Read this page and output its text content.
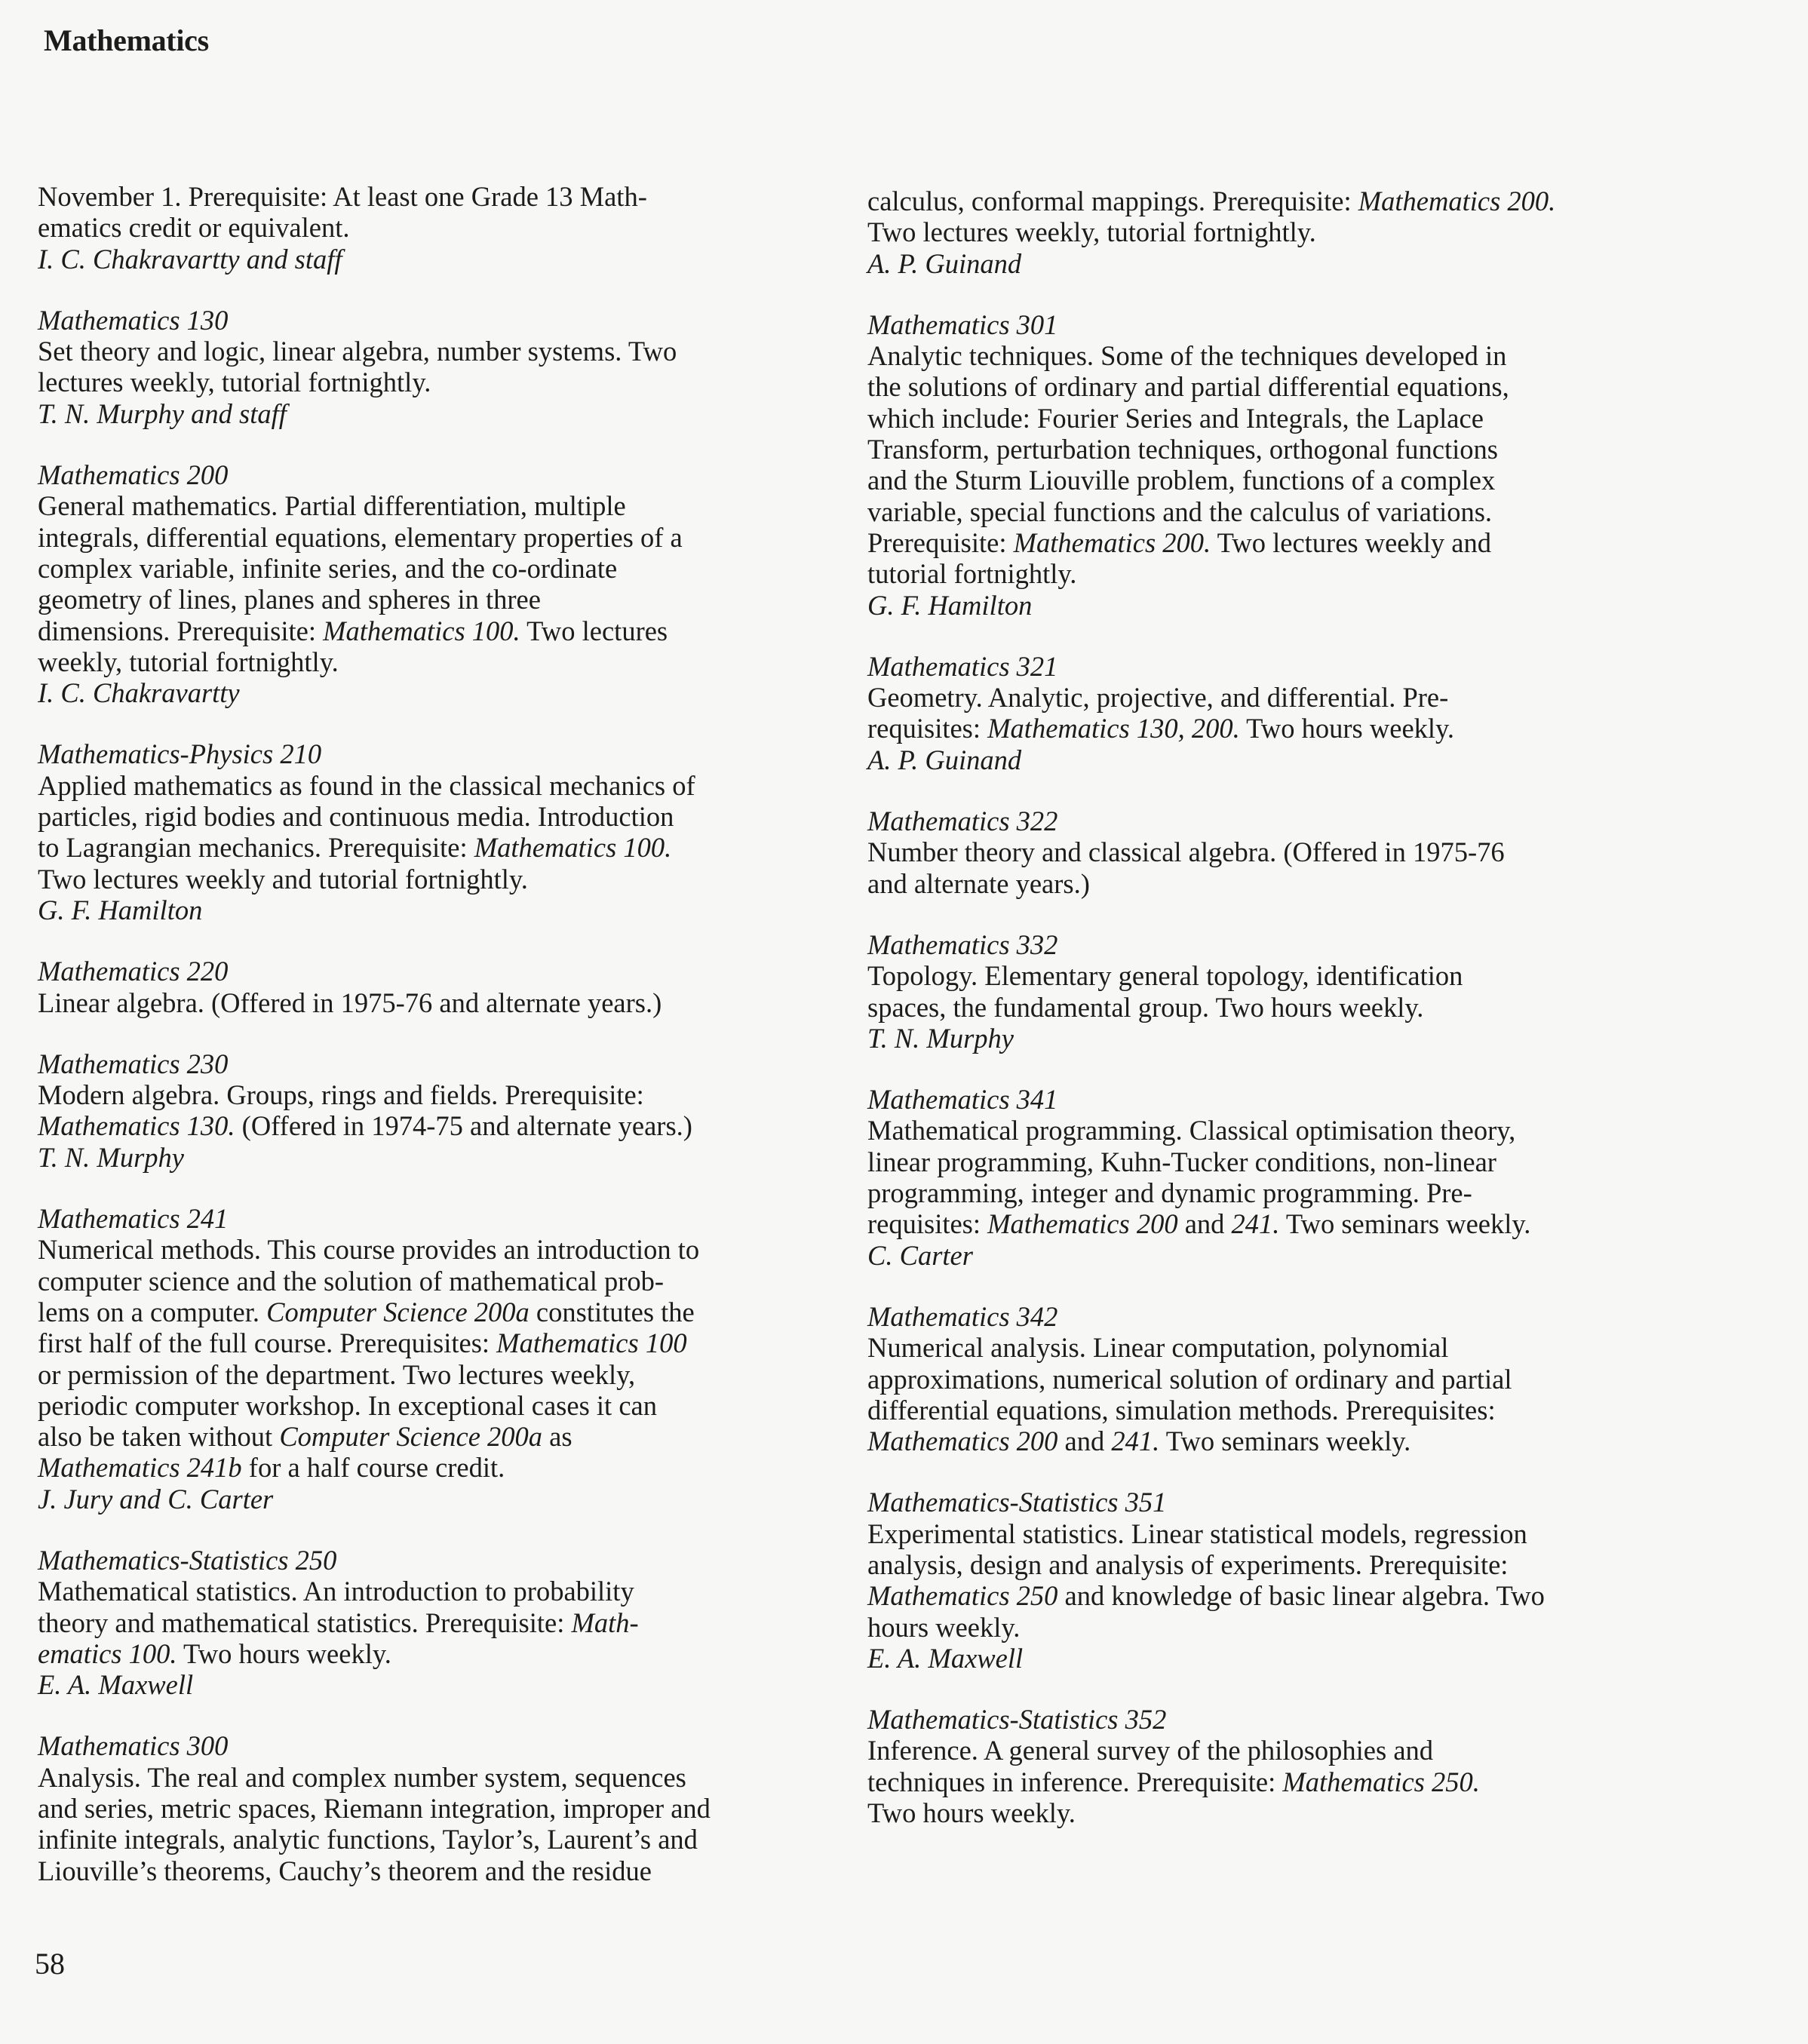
Mathematics
November 1. Prerequisite: At least one Grade 13 Math-
ematics credit or equivalent.
I. C. Chakravartty and staff
Mathematics 130
Set theory and logic, linear algebra, number systems. Two
lectures weekly, tutorial fortnightly.
T. N. Murphy and staff
Mathematics 200
General mathematics. Partial differentiation, multiple
integrals, differential equations, elementary properties of a
complex variable, infinite series, and the co-ordinate
geometry of lines, planes and spheres in three
dimensions. Prerequisite: Mathematics 100. Two lectures
weekly, tutorial fortnightly.
I. C. Chakravartty
Mathematics-Physics 210
Applied mathematics as found in the classical mechanics of
particles, rigid bodies and continuous media. Introduction
to Lagrangian mechanics. Prerequisite: Mathematics 100.
Two lectures weekly and tutorial fortnightly.
G. F. Hamilton
Mathematics 220
Linear algebra. (Offered in 1975-76 and alternate years.)
Mathematics 230
Modern algebra. Groups, rings and fields. Prerequisite:
Mathematics 130. (Offered in 1974-75 and alternate years.)
T. N. Murphy
Mathematics 241
Numerical methods. This course provides an introduction to
computer science and the solution of mathematical prob-
lems on a computer. Computer Science 200a constitutes the
first half of the full course. Prerequisites: Mathematics 100
or permission of the department. Two lectures weekly,
periodic computer workshop. In exceptional cases it can
also be taken without Computer Science 200a as
Mathematics 241b for a half course credit.
J. Jury and C. Carter
Mathematics-Statistics 250
Mathematical statistics. An introduction to probability
theory and mathematical statistics. Prerequisite: Math-
ematics 100. Two hours weekly.
E. A. Maxwell
Mathematics 300
Analysis. The real and complex number system, sequences
and series, metric spaces, Riemann integration, improper and
infinite integrals, analytic functions, Taylor’s, Laurent’s and
Liouville’s theorems, Cauchy’s theorem and the residue
calculus, conformal mappings. Prerequisite: Mathematics 200.
Two lectures weekly, tutorial fortnightly.
A. P. Guinand
Mathematics 301
Analytic techniques. Some of the techniques developed in
the solutions of ordinary and partial differential equations,
which include: Fourier Series and Integrals, the Laplace
Transform, perturbation techniques, orthogonal functions
and the Sturm Liouville problem, functions of a complex
variable, special functions and the calculus of variations.
Prerequisite: Mathematics 200. Two lectures weekly and
tutorial fortnightly.
G. F. Hamilton
Mathematics 321
Geometry. Analytic, projective, and differential. Pre-
requisites: Mathematics 130, 200. Two hours weekly.
A. P. Guinand
Mathematics 322
Number theory and classical algebra. (Offered in 1975-76
and alternate years.)
Mathematics 332
Topology. Elementary general topology, identification
spaces, the fundamental group. Two hours weekly.
T. N. Murphy
Mathematics 341
Mathematical programming. Classical optimisation theory,
linear programming, Kuhn-Tucker conditions, non-linear
programming, integer and dynamic programming. Pre-
requisites: Mathematics 200 and 241. Two seminars weekly.
C. Carter
Mathematics 342
Numerical analysis. Linear computation, polynomial
approximations, numerical solution of ordinary and partial
differential equations, simulation methods. Prerequisites:
Mathematics 200 and 241. Two seminars weekly.
Mathematics-Statistics 351
Experimental statistics. Linear statistical models, regression
analysis, design and analysis of experiments. Prerequisite:
Mathematics 250 and knowledge of basic linear algebra. Two
hours weekly.
E. A. Maxwell
Mathematics-Statistics 352
Inference. A general survey of the philosophies and
techniques in inference. Prerequisite: Mathematics 250.
Two hours weekly.
58
